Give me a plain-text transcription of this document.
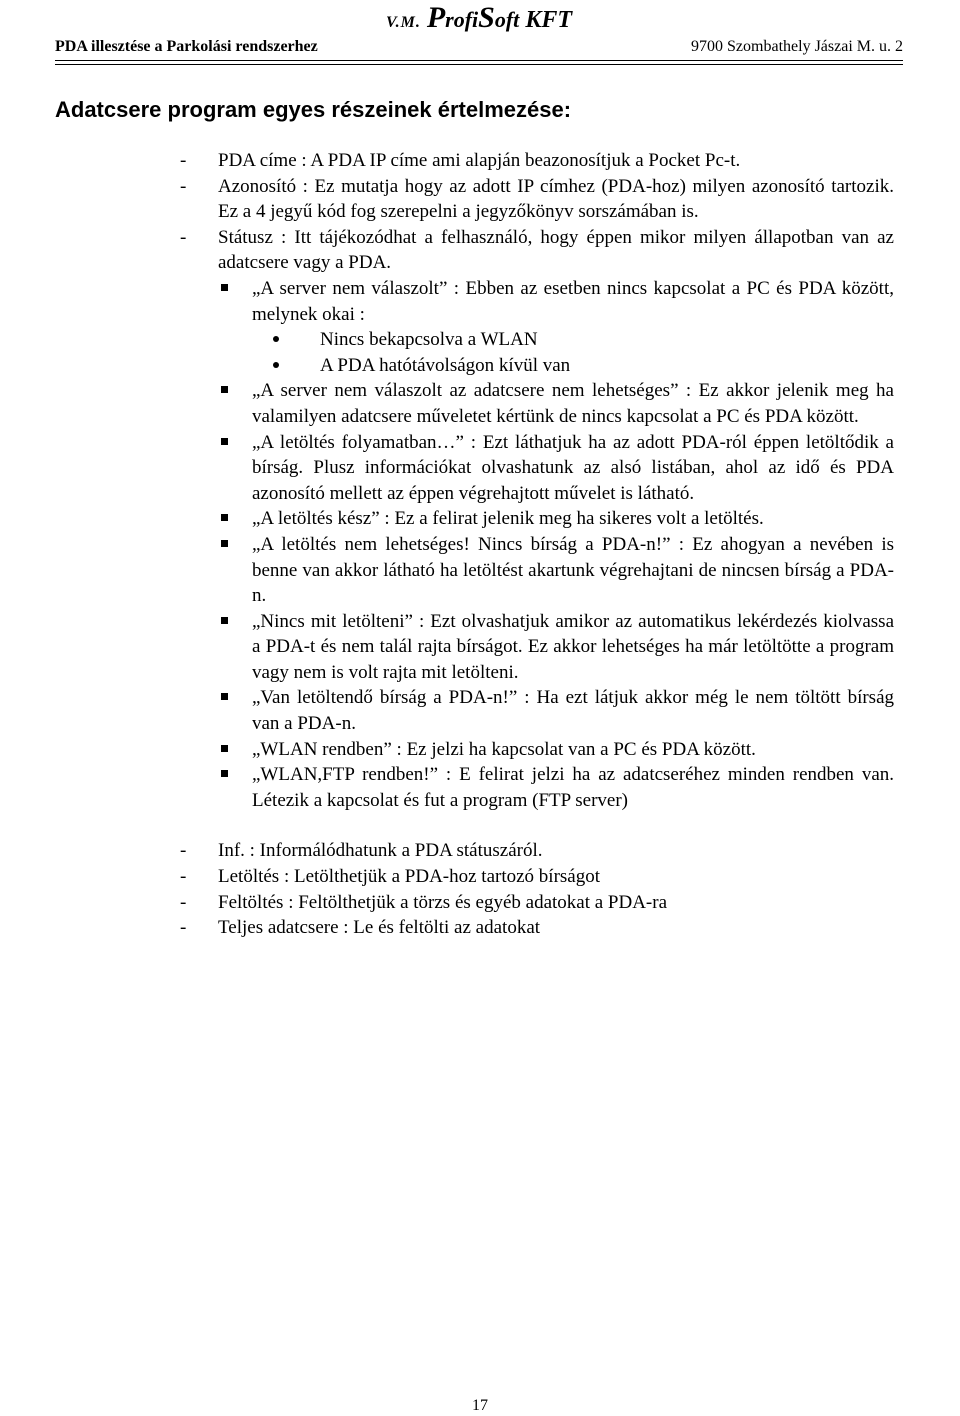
V.M. ProfiSoft KFT
PDA illesztése a Parkolási rendszerhez	9700 Szombathely Jászai M. u. 2
Adatcsere program egyes részeinek értelmezése:
- PDA címe : A PDA IP címe ami alapján beazonosítjuk a Pocket Pc-t.
- Azonosító : Ez mutatja hogy az adott IP címhez (PDA-hoz) milyen azonosító tartozik. Ez a 4 jegyű kód fog szerepelni a jegyzőkönyv sorszámában is.
- Státusz : Itt tájékozódhat a felhasználó, hogy éppen mikor milyen állapotban van az adatcsere vagy a PDA.
„A server nem válaszolt” : Ebben az esetben nincs kapcsolat a PC és PDA között, melynek okai :
Nincs bekapcsolva a WLAN
A PDA hatótávolságon kívül van
„A server nem válaszolt az adatcsere nem lehetséges” : Ez akkor jelenik meg ha valamilyen adatcsere műveletet kértünk de nincs kapcsolat a PC és PDA között.
„A letöltés folyamatban…” : Ezt láthatjuk ha az adott PDA-ról éppen letöltődik a bírság. Plusz információkat olvashatunk az alsó listában, ahol az idő és PDA azonosító mellett az éppen végrehajtott művelet is látható.
„A letöltés kész” : Ez a felirat jelenik meg ha sikeres volt a letöltés.
„A letöltés nem lehetséges! Nincs bírság a PDA-n!” : Ez ahogyan a nevében is benne van akkor látható ha letöltést akartunk végrehajtani de nincsen bírság a PDA-n.
„Nincs mit letölteni” : Ezt olvashatjuk amikor az automatikus lekérdezés kiolvassa a PDA-t és nem talál rajta bírságot. Ez akkor lehetséges ha már letöltötte a program vagy nem is volt rajta mit letölteni.
„Van letöltendő bírság a PDA-n!” : Ha ezt látjuk akkor még le nem töltött bírság van a PDA-n.
„WLAN rendben” : Ez jelzi ha kapcsolat van a PC és PDA között.
„WLAN,FTP rendben!” : E felirat jelzi ha az adatcseréhez minden rendben van. Létezik a kapcsolat és fut a program (FTP server)
- Inf. : Informálódhatunk a PDA státuszáról.
- Letöltés : Letölthetjük a PDA-hoz tartozó bírságot
- Feltöltés : Feltölthetjük a törzs és egyéb adatokat a PDA-ra
- Teljes adatcsere : Le és feltölti az adatokat
17
